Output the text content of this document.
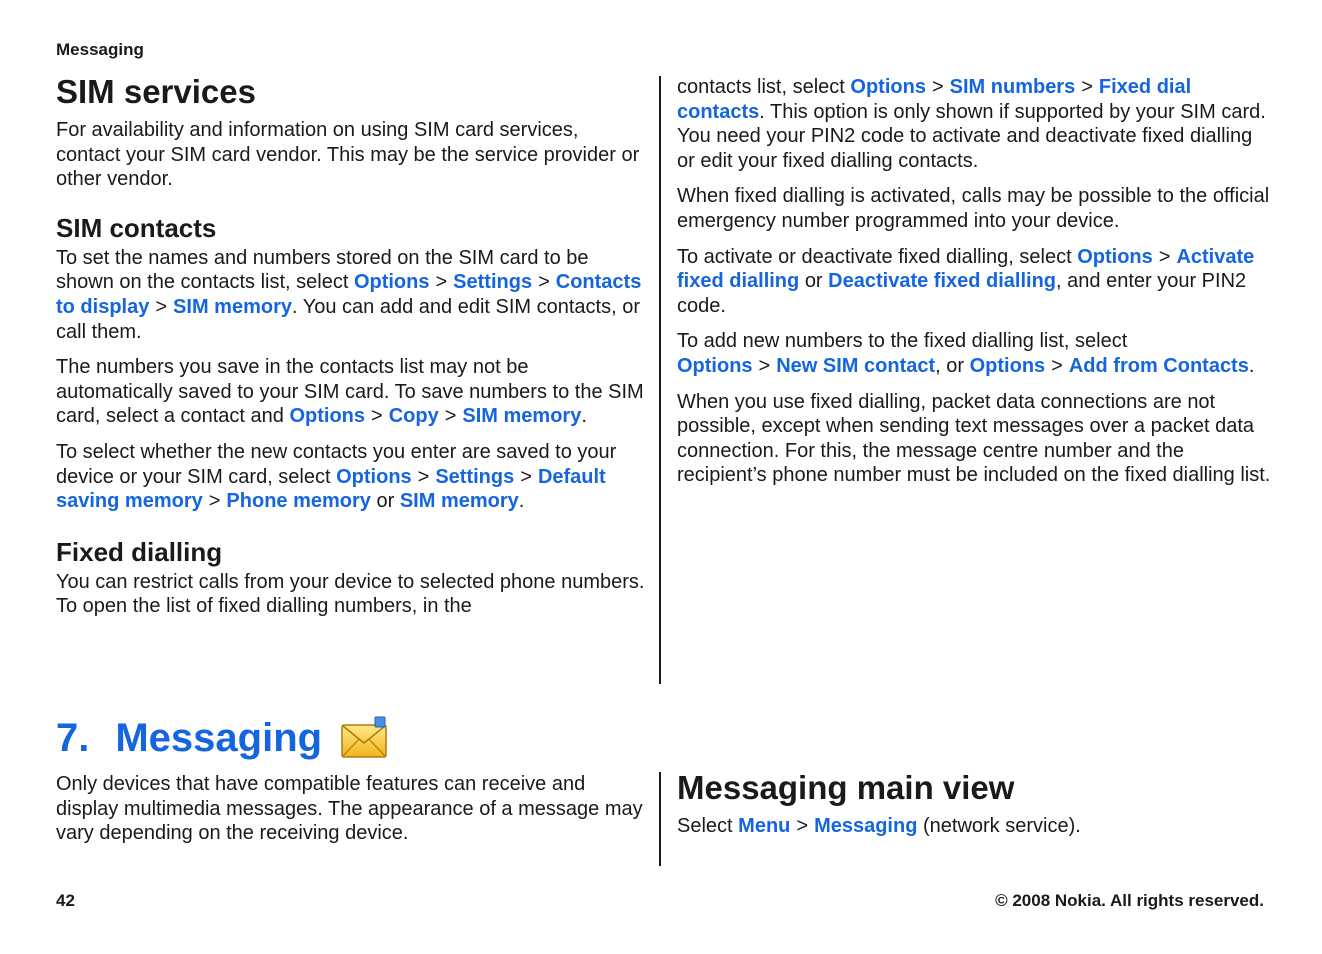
Messaging
SIM services

For availability and information on using SIM card services, contact your SIM card vendor. This may be the service provider or other vendor.

SIM contacts

To set the names and numbers stored on the SIM card to be shown on the contacts list, select Options > Settings > Contacts to display > SIM memory. You can add and edit SIM contacts, or call them.

The numbers you save in the contacts list may not be automatically saved to your SIM card. To save numbers to the SIM card, select a contact and Options > Copy > SIM memory.

To select whether the new contacts you enter are saved to your device or your SIM card, select Options > Settings > Default saving memory > Phone memory or SIM memory.

Fixed dialling

You can restrict calls from your device to selected phone numbers. To open the list of fixed dialling numbers, in the

contacts list, select Options > SIM numbers > Fixed dial contacts. This option is only shown if supported by your SIM card. You need your PIN2 code to activate and deactivate fixed dialling or edit your fixed dialling contacts.

When fixed dialling is activated, calls may be possible to the official emergency number programmed into your device.

To activate or deactivate fixed dialling, select Options > Activate fixed dialling or Deactivate fixed dialling, and enter your PIN2 code.

To add new numbers to the fixed dialling list, select Options > New SIM contact, or Options > Add from Contacts.

When you use fixed dialling, packet data connections are not possible, except when sending text messages over a packet data connection. For this, the message centre number and the recipient’s phone number must be included on the fixed dialling list.

7. Messaging

Only devices that have compatible features can receive and display multimedia messages. The appearance of a message may vary depending on the receiving device.

Messaging main view

Select Menu > Messaging (network service).

42	© 2008 Nokia. All rights reserved.
